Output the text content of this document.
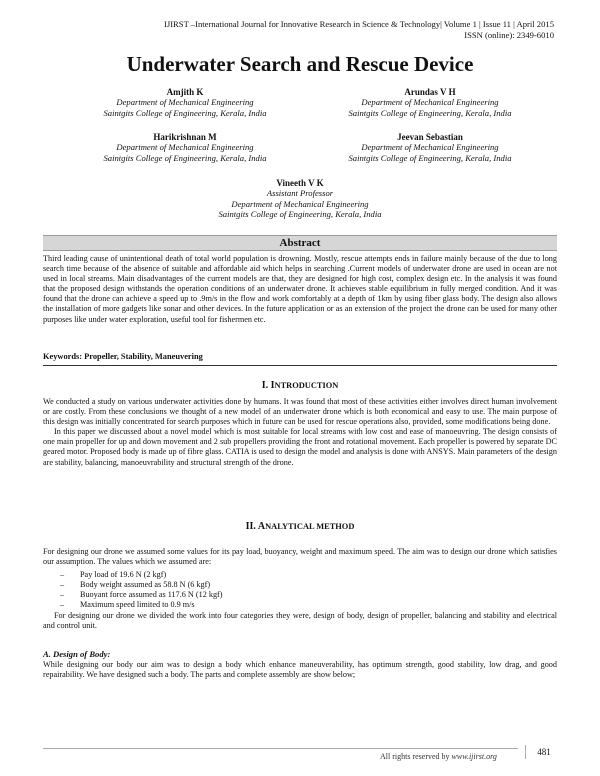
IJIRST –International Journal for Innovative Research in Science & Technology| Volume 1 | Issue 11 | April 2015
ISSN (online): 2349-6010
Underwater Search and Rescue Device
Amjith K
Department of Mechanical Engineering
Saintgits College of Engineering, Kerala, India
Arundas V H
Department of Mechanical Engineering
Saintgits College of Engineering, Kerala, India
Harikrishnan M
Department of Mechanical Engineering
Saintgits College of Engineering, Kerala, India
Jeevan Sebastian
Department of Mechanical Engineering
Saintgits College of Engineering, Kerala, India
Vineeth V K
Assistant Professor
Department of Mechanical Engineering
Saintgits College of Engineering, Kerala, India
Abstract
Third leading cause of unintentional death of total world population is drowning. Mostly, rescue attempts ends in failure mainly because of the due to long search time because of the absence of suitable and affordable aid which helps in searching .Current models of underwater drone are used in ocean are not used in local streams. Main disadvantages of the current models are that, they are designed for high cost, complex design etc. In the analysis it was found that the proposed design withstands the operation conditions of an underwater drone. It achieves stable equilibrium in fully merged condition. And it was found that the drone can achieve a speed up to .9m/s in the flow and work comfortably at a depth of 1km by using fiber glass body. The design also allows the installation of more gadgets like sonar and other devices. In the future application or as an extension of the project the drone can be used for many other purposes like under water exploration, useful tool for fishermen etc.
Keywords: Propeller, Stability, Maneuvering
I. INTRODUCTION

We conducted a study on various underwater activities done by humans. It was found that most of these activities either involves direct human involvement or are costly. From these conclusions we thought of a new model of an underwater drone which is both economical and easy to use. The main purpose of this design was initially concentrated for search purposes which in future can be used for rescue operations also, provided, some modifications being done.

In this paper we discussed about a novel model which is most suitable for local streams with low cost and ease of manoeuvring. The design consists of one main propeller for up and down movement and 2 sub propellers providing the front and rotational movement. Each propeller is powered by separate DC geared motor. Proposed body is made up of fibre glass. CATIA is used to design the model and analysis is done with ANSYS. Main parameters of the design are stability, balancing, manoeuvrability and structural strength of the drone.

II. ANALYTICAL METHOD
For designing our drone we assumed some values for its pay load, buoyancy, weight and maximum speed. The aim was to design our drone which satisfies our assumption. The values which we assumed are:
– Pay load of 19.6 N (2 kgf)
– Body weight assumed as 58.8 N (6 kgf)
– Buoyant force assumed as 117.6 N (12 kgf)
– Maximum speed limited to 0.9 m/s
For designing our drone we divided the work into four categories they were, design of body, design of propeller, balancing and stability and electrical and control unit.
A. Design of Body:
While designing our body our aim was to design a body which enhance maneuverability, has optimum strength, good stability, low drag, and good repairability. We have designed such a body. The parts and complete assembly are show below;
All rights reserved by www.ijirst.org	481
